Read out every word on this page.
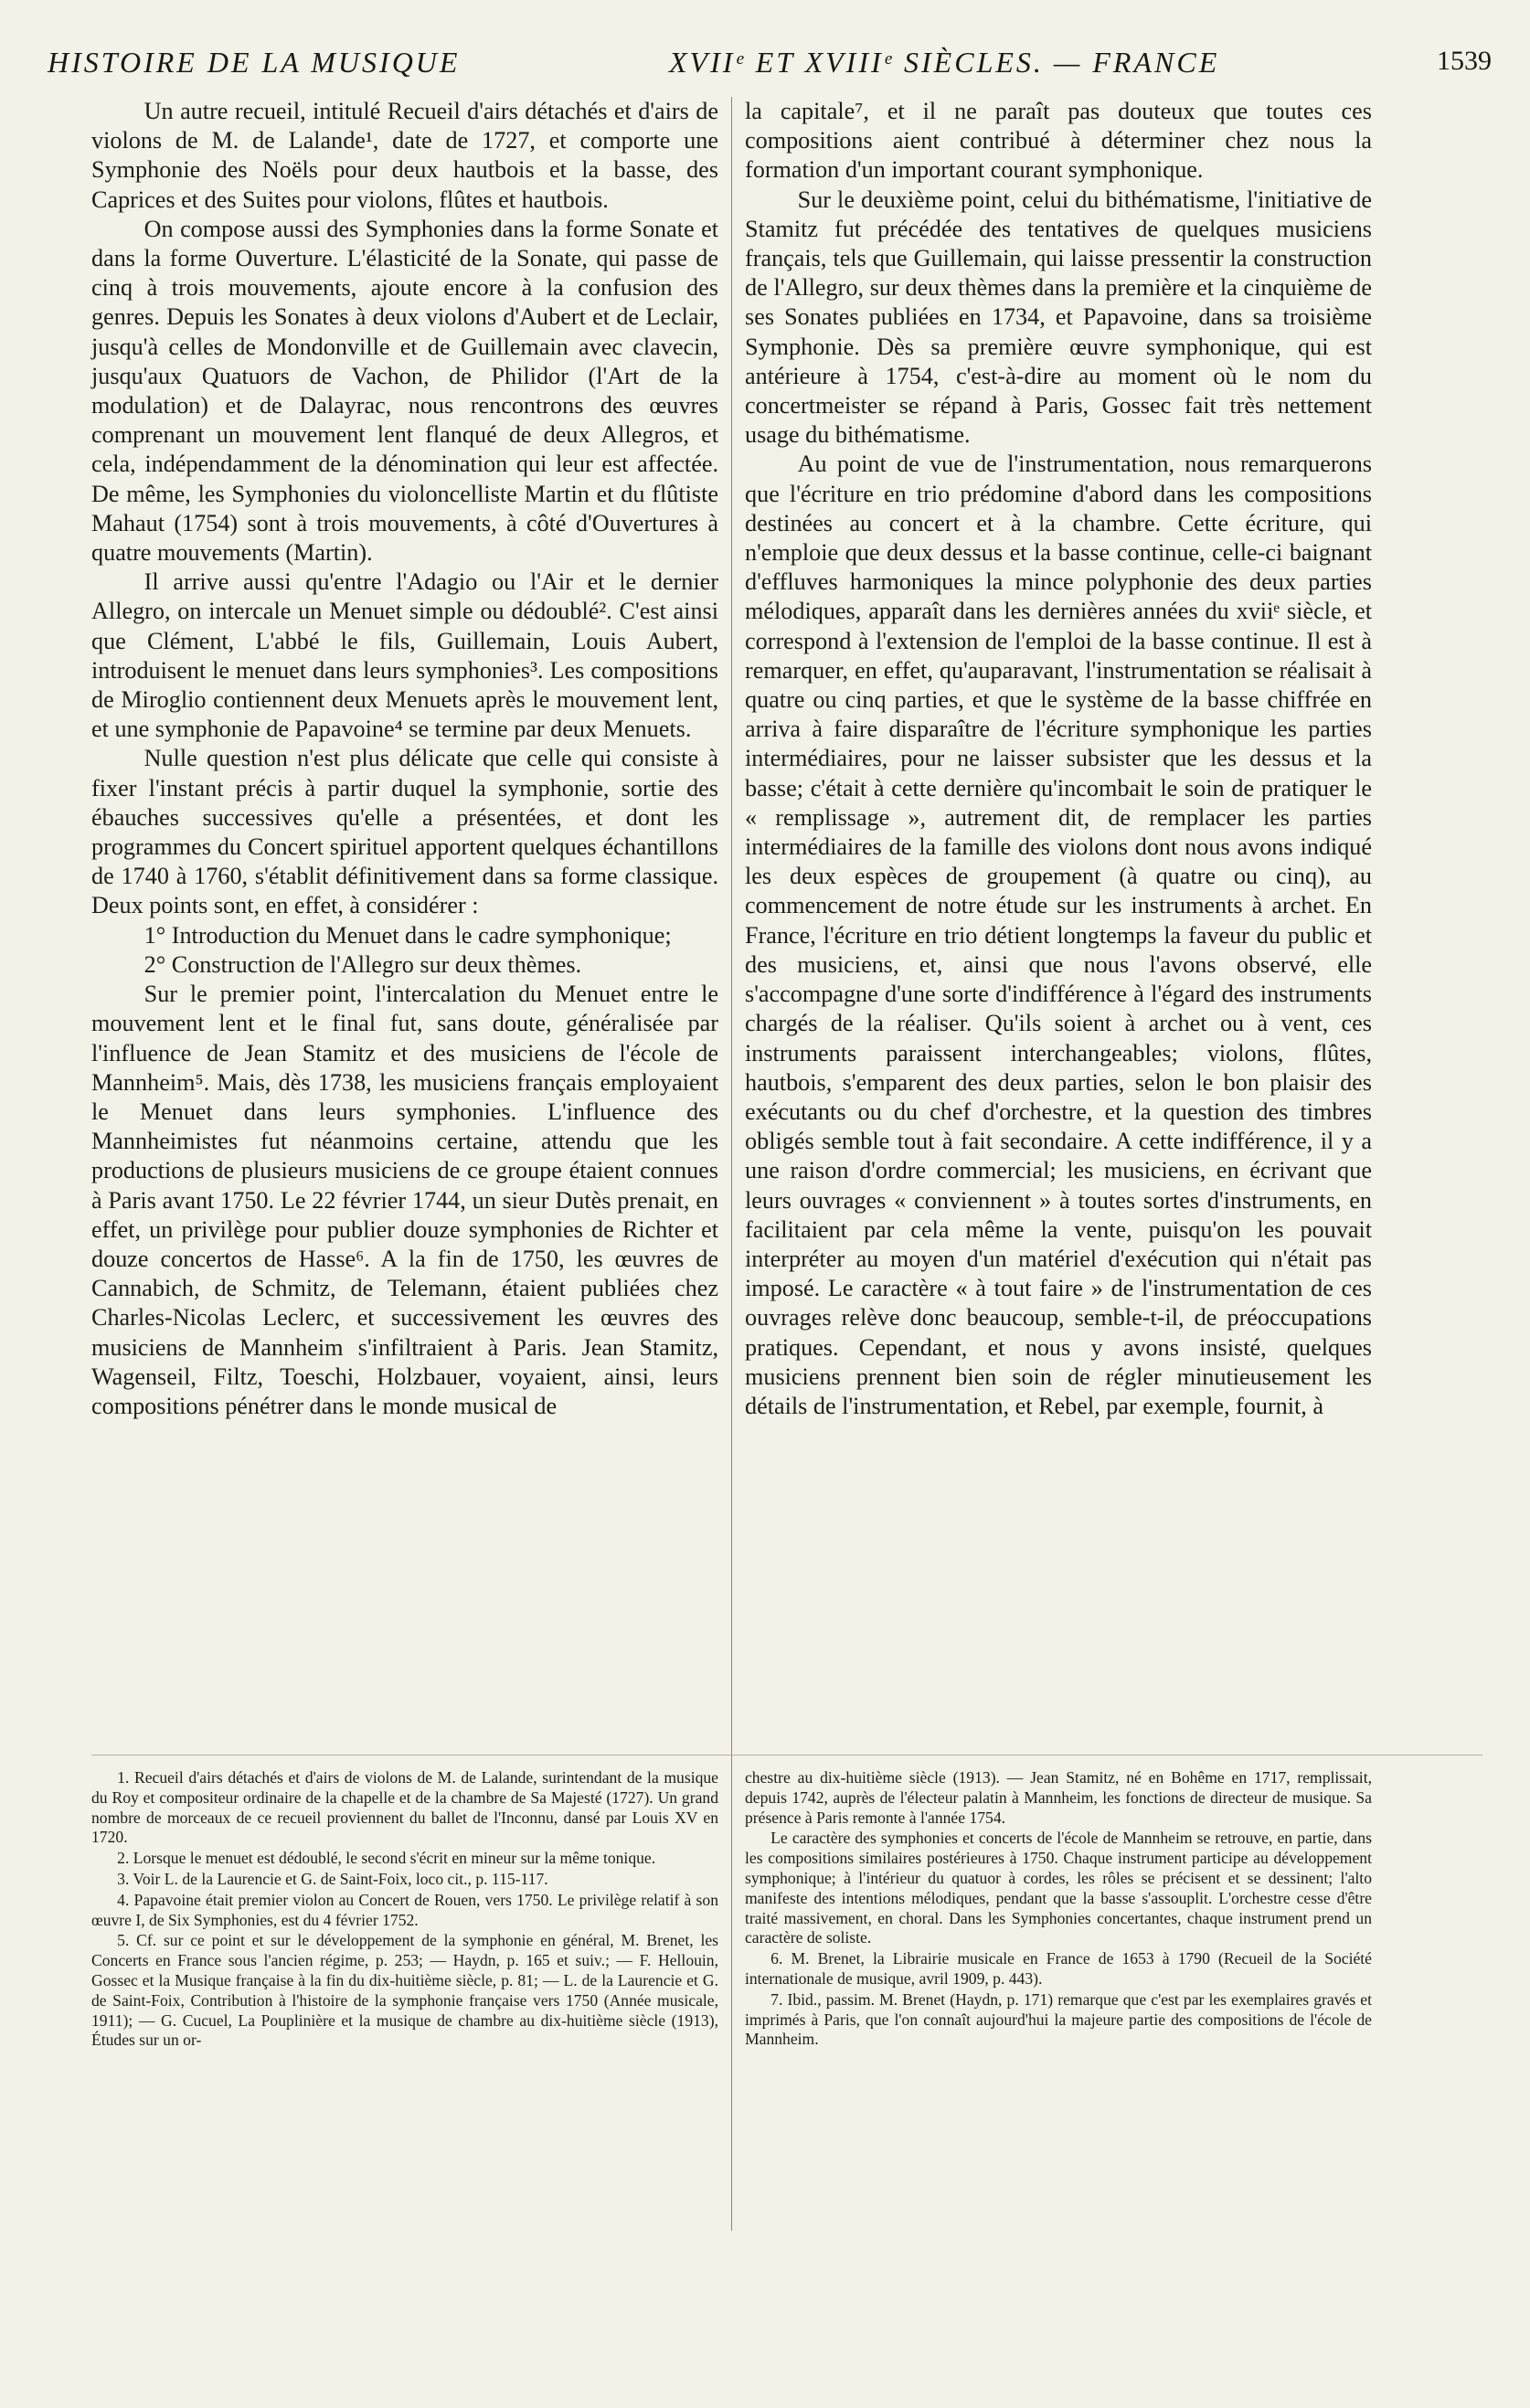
HISTOIRE DE LA MUSIQUE	XVIIᵉ ET XVIIIᵉ SIÈCLES. — FRANCE	1539

Un autre recueil, intitulé Recueil d'airs détachés et d'airs de violons de M. de Lalande¹, date de 1727, et comporte une Symphonie des Noëls pour deux hautbois et la basse, des Caprices et des Suites pour violons, flûtes et hautbois.

On compose aussi des Symphonies dans la forme Sonate et dans la forme Ouverture. L'élasticité de la Sonate, qui passe de cinq à trois mouvements, ajoute encore à la confusion des genres. Depuis les Sonates à deux violons d'Aubert et de Leclair, jusqu'à celles de Mondonville et de Guillemain avec clavecin, jusqu'aux Quatuors de Vachon, de Philidor (l'Art de la modulation) et de Dalayrac, nous rencontrons des œuvres comprenant un mouvement lent flanqué de deux Allegros, et cela, indépendamment de la dénomination qui leur est affectée. De même, les Symphonies du violoncelliste Martin et du flûtiste Mahaut (1754) sont à trois mouvements, à côté d'Ouvertures à quatre mouvements (Martin).

Il arrive aussi qu'entre l'Adagio ou l'Air et le dernier Allegro, on intercale un Menuet simple ou dédoublé². C'est ainsi que Clément, L'abbé le fils, Guillemain, Louis Aubert, introduisent le menuet dans leurs symphonies³. Les compositions de Miroglio contiennent deux Menuets après le mouvement lent, et une symphonie de Papavoine⁴ se termine par deux Menuets.

Nulle question n'est plus délicate que celle qui consiste à fixer l'instant précis à partir duquel la symphonie, sortie des ébauches successives qu'elle a présentées, et dont les programmes du Concert spirituel apportent quelques échantillons de 1740 à 1760, s'établit définitivement dans sa forme classique. Deux points sont, en effet, à considérer :

1° Introduction du Menuet dans le cadre symphonique;

2° Construction de l'Allegro sur deux thèmes.

Sur le premier point, l'intercalation du Menuet entre le mouvement lent et le final fut, sans doute, généralisée par l'influence de Jean Stamitz et des musiciens de l'école de Mannheim⁵. Mais, dès 1738, les musiciens français employaient le Menuet dans leurs symphonies. L'influence des Mannheimistes fut néanmoins certaine, attendu que les productions de plusieurs musiciens de ce groupe étaient connues à Paris avant 1750. Le 22 février 1744, un sieur Dutès prenait, en effet, un privilège pour publier douze symphonies de Richter et douze concertos de Hasse⁶. A la fin de 1750, les œuvres de Cannabich, de Schmitz, de Telemann, étaient publiées chez Charles-Nicolas Leclerc, et successivement les œuvres des musiciens de Mannheim s'infiltraient à Paris. Jean Stamitz, Wagenseil, Filtz, Toeschi, Holzbauer, voyaient, ainsi, leurs compositions pénétrer dans le monde musical de

la capitale⁷, et il ne paraît pas douteux que toutes ces compositions aient contribué à déterminer chez nous la formation d'un important courant symphonique.

Sur le deuxième point, celui du bithématisme, l'initiative de Stamitz fut précédée des tentatives de quelques musiciens français, tels que Guillemain, qui laisse pressentir la construction de l'Allegro, sur deux thèmes dans la première et la cinquième de ses Sonates publiées en 1734, et Papavoine, dans sa troisième Symphonie. Dès sa première œuvre symphonique, qui est antérieure à 1754, c'est-à-dire au moment où le nom du concertmeister se répand à Paris, Gossec fait très nettement usage du bithématisme.

Au point de vue de l'instrumentation, nous remarquerons que l'écriture en trio prédomine d'abord dans les compositions destinées au concert et à la chambre. Cette écriture, qui n'emploie que deux dessus et la basse continue, celle-ci baignant d'effluves harmoniques la mince polyphonie des deux parties mélodiques, apparaît dans les dernières années du xviiᵉ siècle, et correspond à l'extension de l'emploi de la basse continue. Il est à remarquer, en effet, qu'auparavant, l'instrumentation se réalisait à quatre ou cinq parties, et que le système de la basse chiffrée en arriva à faire disparaître de l'écriture symphonique les parties intermédiaires, pour ne laisser subsister que les dessus et la basse; c'était à cette dernière qu'incombait le soin de pratiquer le « remplissage », autrement dit, de remplacer les parties intermédiaires de la famille des violons dont nous avons indiqué les deux espèces de groupement (à quatre ou cinq), au commencement de notre étude sur les instruments à archet. En France, l'écriture en trio détient longtemps la faveur du public et des musiciens, et, ainsi que nous l'avons observé, elle s'accompagne d'une sorte d'indifférence à l'égard des instruments chargés de la réaliser. Qu'ils soient à archet ou à vent, ces instruments paraissent interchangeables; violons, flûtes, hautbois, s'emparent des deux parties, selon le bon plaisir des exécutants ou du chef d'orchestre, et la question des timbres obligés semble tout à fait secondaire. A cette indifférence, il y a une raison d'ordre commercial; les musiciens, en écrivant que leurs ouvrages « conviennent » à toutes sortes d'instruments, en facilitaient par cela même la vente, puisqu'on les pouvait interpréter au moyen d'un matériel d'exécution qui n'était pas imposé. Le caractère « à tout faire » de l'instrumentation de ces ouvrages relève donc beaucoup, semble-t-il, de préoccupations pratiques. Cependant, et nous y avons insisté, quelques musiciens prennent bien soin de régler minutieusement les détails de l'instrumentation, et Rebel, par exemple, fournit, à

1. Recueil d'airs détachés et d'airs de violons de M. de Lalande, surintendant de la musique du Roy et compositeur ordinaire de la chapelle et de la chambre de Sa Majesté (1727). Un grand nombre de morceaux de ce recueil proviennent du ballet de l'Inconnu, dansé par Louis XV en 1720.

2. Lorsque le menuet est dédoublé, le second s'écrit en mineur sur la même tonique.

3. Voir L. de la Laurencie et G. de Saint-Foix, loco cit., p. 115-117.

4. Papavoine était premier violon au Concert de Rouen, vers 1750. Le privilège relatif à son œuvre I, de Six Symphonies, est du 4 février 1752.

5. Cf. sur ce point et sur le développement de la symphonie en général, M. Brenet, les Concerts en France sous l'ancien régime, p. 253; — Haydn, p. 165 et suiv.; — F. Hellouin, Gossec et la Musique française à la fin du dix-huitième siècle, p. 81; — L. de la Laurencie et G. de Saint-Foix, Contribution à l'histoire de la symphonie française vers 1750 (Année musicale, 1911); — G. Cucuel, La Pouplinière et la musique de chambre au dix-huitième siècle (1913), Études sur un or-

chestre au dix-huitième siècle (1913). — Jean Stamitz, né en Bohême en 1717, remplissait, depuis 1742, auprès de l'électeur palatin à Mannheim, les fonctions de directeur de musique. Sa présence à Paris remonte à l'année 1754.

Le caractère des symphonies et concerts de l'école de Mannheim se retrouve, en partie, dans les compositions similaires postérieures à 1750. Chaque instrument participe au développement symphonique; à l'intérieur du quatuor à cordes, les rôles se précisent et se dessinent; l'alto manifeste des intentions mélodiques, pendant que la basse s'assouplit. L'orchestre cesse d'être traité massivement, en choral. Dans les Symphonies concertantes, chaque instrument prend un caractère de soliste.

6. M. Brenet, la Librairie musicale en France de 1653 à 1790 (Recueil de la Société internationale de musique, avril 1909, p. 443).

7. Ibid., passim. M. Brenet (Haydn, p. 171) remarque que c'est par les exemplaires gravés et imprimés à Paris, que l'on connaît aujourd'hui la majeure partie des compositions de l'école de Mannheim.
